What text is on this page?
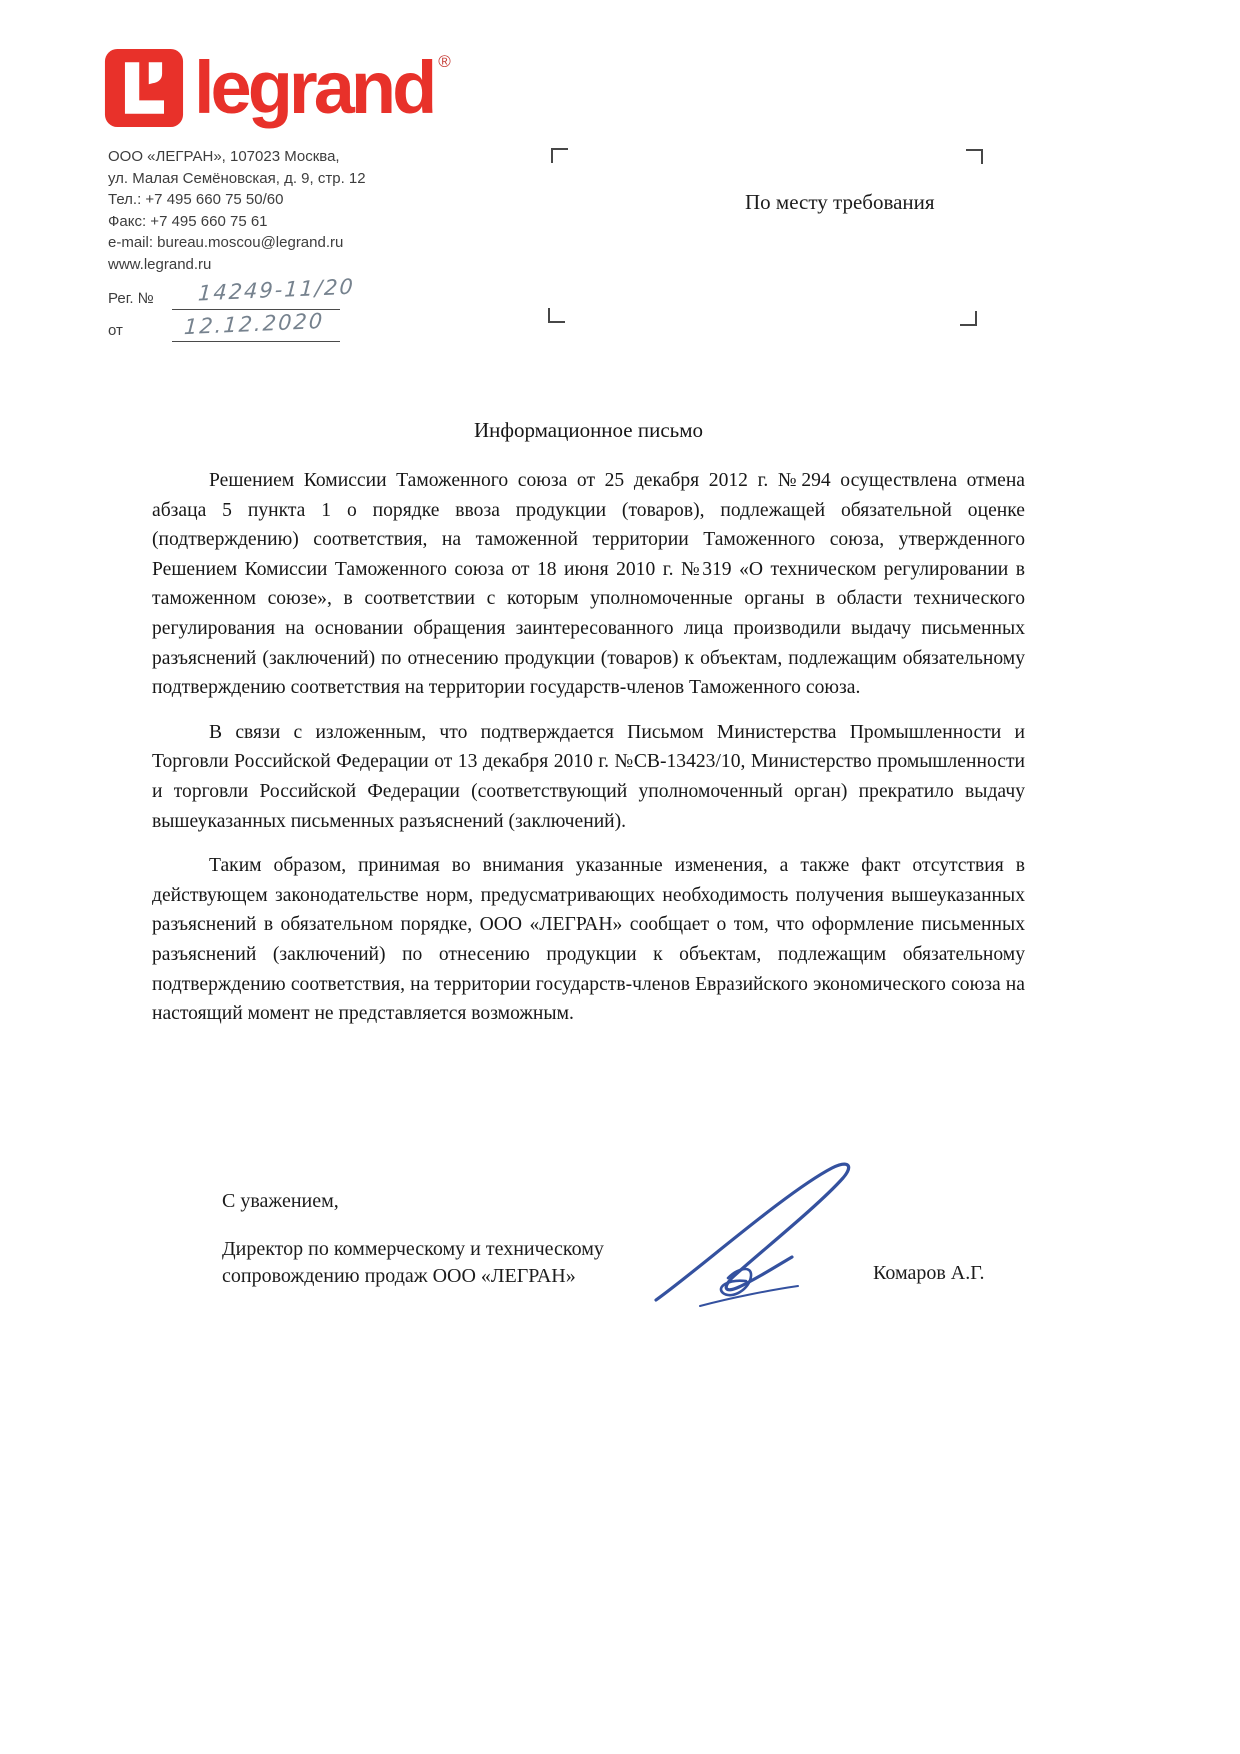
legrand ®
ООО «ЛЕГРАН», 107023 Москва,
ул. Малая Семёновская, д. 9, стр. 12
Тел.: +7 495 660 75 50/60
Факс: +7 495 660 75 61
e-mail: bureau.moscou@legrand.ru
www.legrand.ru
По месту требования
Рег. № 14249-11/20
от	12.12.2020
Информационное письмо

Решением Комиссии Таможенного союза от 25 декабря 2012 г. №294 осуществлена отмена абзаца 5 пункта 1 о порядке ввоза продукции (товаров), подлежащей обязательной оценке (подтверждению) соответствия, на таможенной территории Таможенного союза, утвержденного Решением Комиссии Таможенного союза от 18 июня 2010 г. №319 «О техническом регулировании в таможенном союзе», в соответствии с которым уполномоченные органы в области технического регулирования на основании обращения заинтересованного лица производили выдачу письменных разъяснений (заключений) по отнесению продукции (товаров) к объектам, подлежащим обязательному подтверждению соответствия на территории государств-членов Таможенного союза.

В связи с изложенным, что подтверждается Письмом Министерства Промышленности и Торговли Российской Федерации от 13 декабря 2010 г. №СВ-13423/10, Министерство промышленности и торговли Российской Федерации (соответствующий уполномоченный орган) прекратило выдачу вышеуказанных письменных разъяснений (заключений).

Таким образом, принимая во внимания указанные изменения, а также факт отсутствия в действующем законодательстве норм, предусматривающих необходимость получения вышеуказанных разъяснений в обязательном порядке, ООО «ЛЕГРАН» сообщает о том, что оформление письменных разъяснений (заключений) по отнесению продукции к объектам, подлежащим обязательному подтверждению соответствия, на территории государств-членов Евразийского экономического союза на настоящий момент не представляется возможным.

С уважением,
Директор по коммерческому и техническому сопровождению продаж ООО «ЛЕГРАН»	Комаров А.Г.
